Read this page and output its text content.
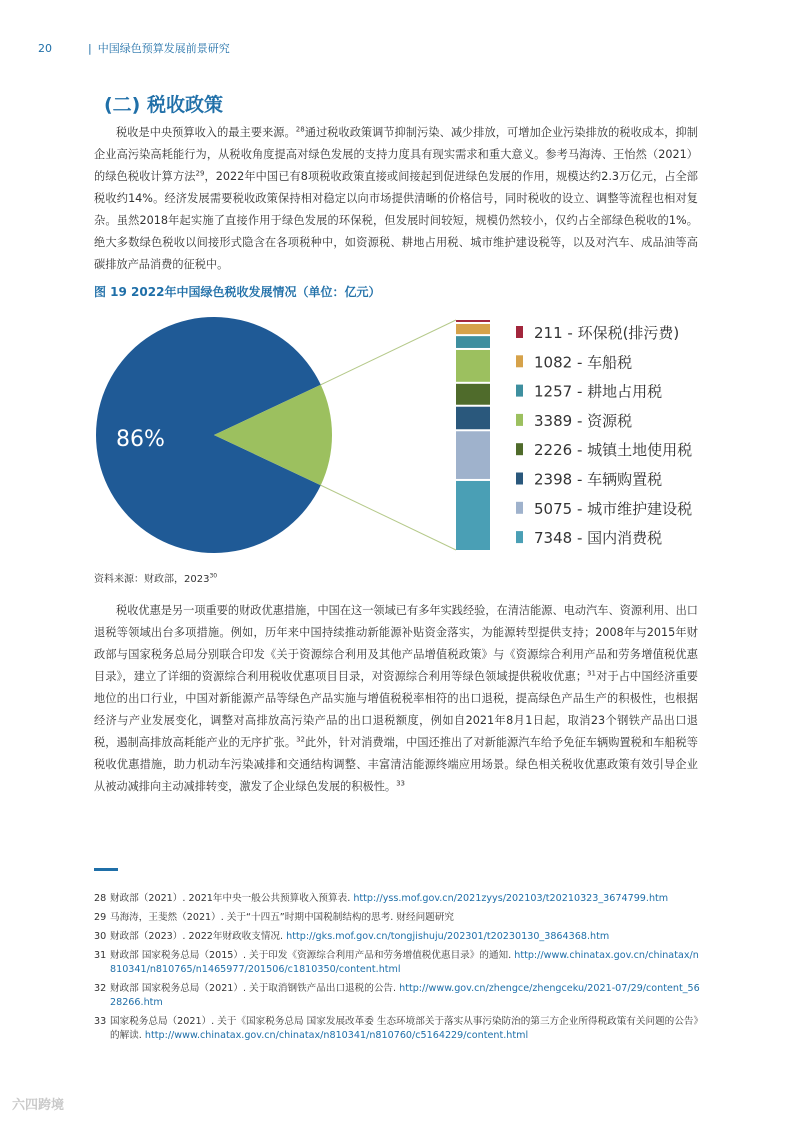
20	| 中国绿色预算发展前景研究
(二) 税收政策

税收是中央预算收入的最主要来源。$^{28}$通过税收政策调节抑制污染、减少排放，可增加企业污染排放的税收成本，抑制企业高污染高耗能行为，从税收角度提高对绿色发展的支持力度具有现实需求和重大意义。参考马海涛、王怡然（2021）的绿色税收计算方法$^{29}$，2022年中国已有8项税收政策直接或间接起到促进绿色发展的作用，规模达约2.3万亿元，占全部税收约14%。经济发展需要税收政策保持相对稳定以向市场提供清晰的价格信号，同时税收的设立、调整等流程也相对复杂。虽然2018年起实施了直接作用于绿色发展的环保税，但发展时间较短，规模仍然较小，仅约占全部绿色税收的1%。绝大多数绿色税收以间接形式隐含在各项税种中，如资源税、耕地占用税、城市维护建设税等，以及对汽车、成品油等高碳排放产品消费的征税中。

图 19 2022年中国绿色税收发展情况（单位：亿元）
86%	绿色税收
14%
211 - 环保税(排污费)
1082 - 车船税
1257 - 耕地占用税
3389 - 资源税
2226 - 城镇土地使用税
2398 - 车辆购置税
5075 - 城市维护建设税
7348 - 国内消费税
资料来源：财政部，2023$^{30}$

税收优惠是另一项重要的财政优惠措施，中国在这一领域已有多年实践经验，在清洁能源、电动汽车、资源利用、出口退税等领域出台多项措施。例如，历年来中国持续推动新能源补贴资金落实，为能源转型提供支持；2008年与2015年财政部与国家税务总局分别联合印发《关于资源综合利用及其他产品增值税政策》与《资源综合利用产品和劳务增值税优惠目录》，建立了详细的资源综合利用税收优惠项目目录，对资源综合利用等绿色领域提供税收优惠；$^{31}$对于占中国经济重要地位的出口行业，中国对新能源产品等绿色产品实施与增值税税率相符的出口退税，提高绿色产品生产的积极性，也根据经济与产业发展变化，调整对高排放高污染产品的出口退税额度，例如自2021年8月1日起，取消23个钢铁产品出口退税，遏制高排放高耗能产业的无序扩张。$^{32}$此外，针对消费端，中国还推出了对新能源汽车给予免征车辆购置税和车船税等税收优惠措施，助力机动车污染减排和交通结构调整、丰富清洁能源终端应用场景。绿色相关税收优惠政策有效引导企业从被动减排向主动减排转变，激发了企业绿色发展的积极性。$^{33}$

28 财政部（2021）. 2021年中央一般公共预算收入预算表. http://yss.mof.gov.cn/2021zyys/202103/t20210323_3674799.htm
29 马海涛，王斐然（2021）. 关于“十四五”时期中国税制结构的思考. 财经问题研究
30 财政部（2023）. 2022年财政收支情况. http://gks.mof.gov.cn/tongjishuju/202301/t20230130_3864368.htm
31 财政部 国家税务总局（2015）. 关于印发《资源综合利用产品和劳务增值税优惠目录》的通知. http://www.chinatax.gov.cn/chinatax/n810341/n810765/n1465977/201506/c1810350/content.html
32 财政部 国家税务总局（2021）. 关于取消钢铁产品出口退税的公告. http://www.gov.cn/zhengce/zhengceku/2021-07/29/content_5628266.htm
33 国家税务总局（2021）. 关于《国家税务总局 国家发展改革委 生态环境部关于落实从事污染防治的第三方企业所得税政策有关问题的公告》的解读. http://www.chinatax.gov.cn/chinatax/n810341/n810760/c5164229/content.html
六四跨境
